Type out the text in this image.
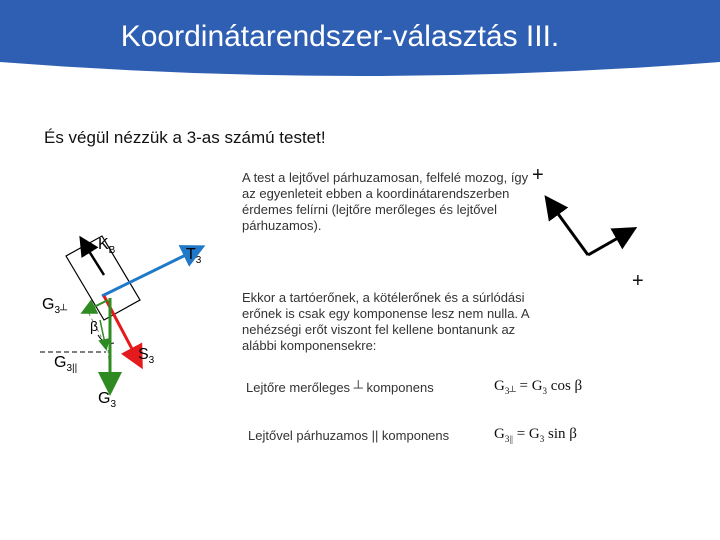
Koordinátarendszer-választás III.
És végül nézzük a 3-as számú testet!
A test a lejtővel párhuzamosan, felfelé mozog, így az egyenleteit ebben a koordinátarendszerben érdemes felírni (lejtőre merőleges és lejtővel párhuzamos).
Ekkor a tartóerőnek, a kötélerőnek és a súrlódási erőnek is csak egy komponense lesz nem nulla. A nehézségi erőt viszont fel kellene bontanunk az alábbi komponensekre:
+
+
$K_B$	$T_3$
$S_3$
$G_3$
$G_{3┴}$
$G_{3||}$
β
Lejtőre merőleges ┴ komponens	$G_{3┴} = G_3$ cos β
Lejtővel párhuzamos || komponens	$G_{3||} = G_3$ sin β
